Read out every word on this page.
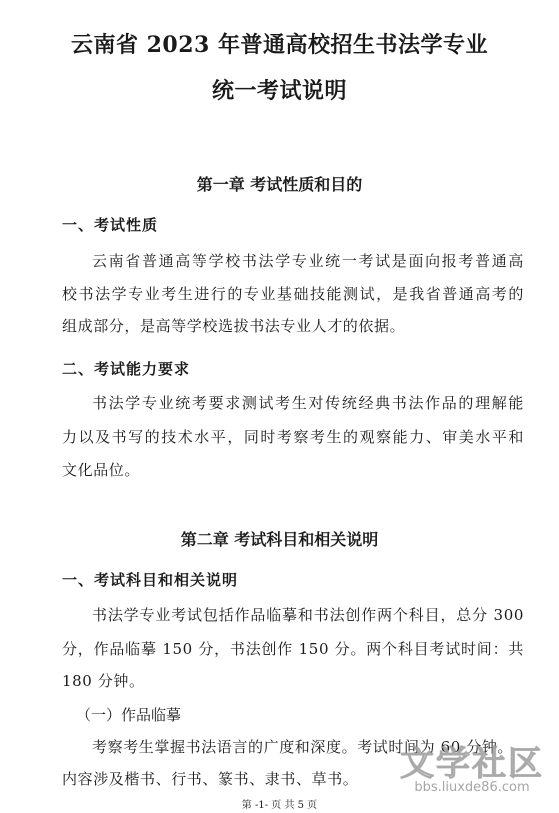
云南省 2023 年普通高校招生书法学专业
统一考试说明
第一章 考试性质和目的
一、考试性质
云南省普通高等学校书法学专业统一考试是面向报考普通高
校书法学专业考生进行的专业基础技能测试，是我省普通高考的
组成部分，是高等学校选拔书法专业人才的依据。
二、考试能力要求
书法学专业统考要求测试考生对传统经典书法作品的理解能
力以及书写的技术水平，同时考察考生的观察能力、审美水平和
文化品位。
第二章 考试科目和相关说明
一、考试科目和相关说明
书法学专业考试包括作品临摹和书法创作两个科目，总分 300
分，作品临摹 150 分，书法创作 150 分。两个科目考试时间：共
180 分钟。
（一）作品临摹
考察考生掌握书法语言的广度和深度。考试时间为 60 分钟。
内容涉及楷书、行书、篆书、隶书、草书。
第 -1- 页 共 5 页
文学社区
bbs.liuxde86.com
